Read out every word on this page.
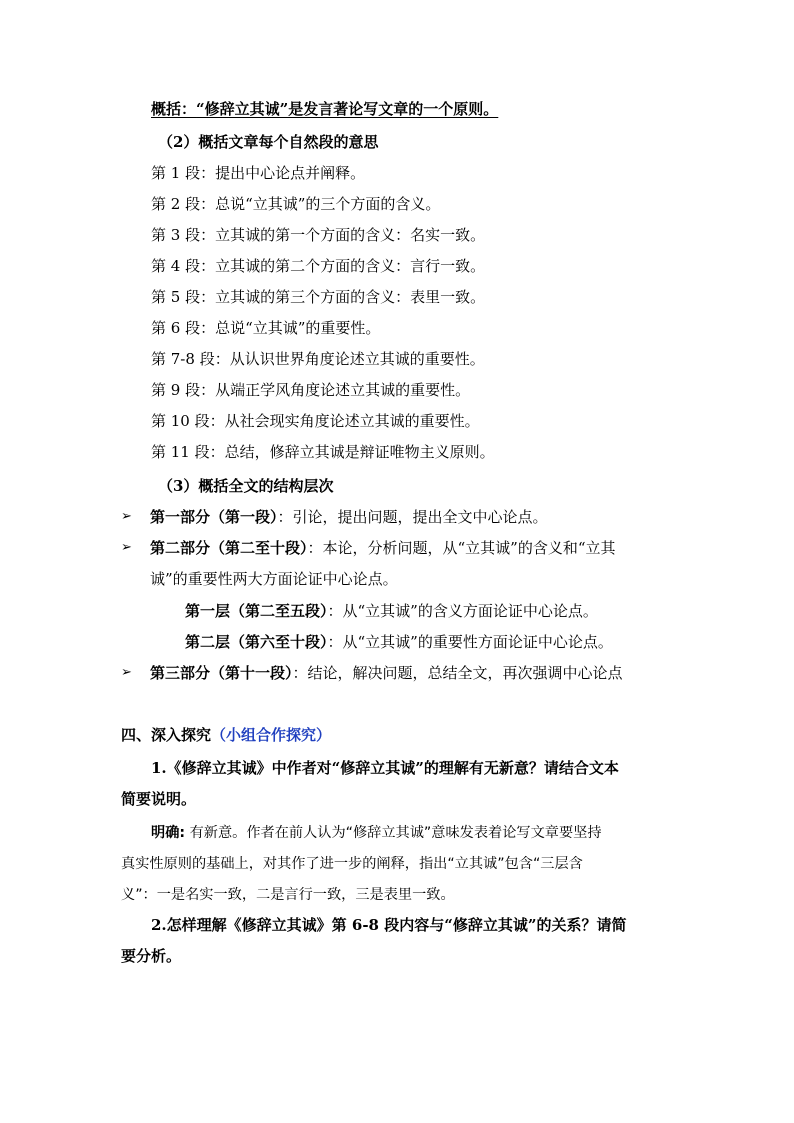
概括：“修辞立其诚”是发言著论写文章的一个原则。
（2）概括文章每个自然段的意思
第 1 段：提出中心论点并阐释。
第 2 段：总说“立其诚”的三个方面的含义。
第 3 段：立其诚的第一个方面的含义：名实一致。
第 4 段：立其诚的第二个方面的含义：言行一致。
第 5 段：立其诚的第三个方面的含义：表里一致。
第 6 段：总说“立其诚”的重要性。
第 7-8 段：从认识世界角度论述立其诚的重要性。
第 9 段：从端正学风角度论述立其诚的重要性。
第 10 段：从社会现实角度论述立其诚的重要性。
第 11 段：总结，修辞立其诚是辩证唯物主义原则。
（3）概括全文的结构层次
➢ 第一部分（第一段）：引论，提出问题，提出全文中心论点。
➢ 第二部分（第二至十段）：本论，分析问题，从“立其诚”的含义和“立其
诚”的重要性两大方面论证中心论点。
第一层（第二至五段）：从“立其诚”的含义方面论证中心论点。
第二层（第六至十段）：从“立其诚”的重要性方面论证中心论点。
➢ 第三部分（第十一段）：结论，解决问题，总结全文，再次强调中心论点
四、深入探究（小组合作探究）
1.《修辞立其诚》中作者对“修辞立其诚”的理解有无新意？请结合文本
简要说明。
明确: 有新意。作者在前人认为“修辞立其诚”意味发表着论写文章要坚持
真实性原则的基础上，对其作了进一步的阐释，指出“立其诚”包含“三层含
义”：一是名实一致，二是言行一致，三是表里一致。
2.怎样理解《修辞立其诚》第 6-8 段内容与“修辞立其诚”的关系？请简
要分析。
